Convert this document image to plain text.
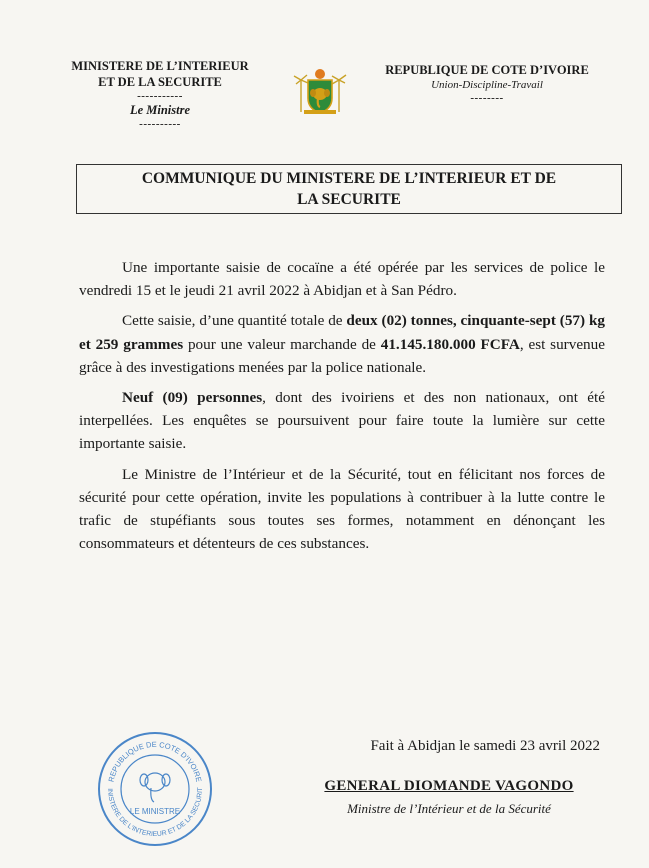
MINISTERE DE L’INTERIEUR
ET DE LA SECURITE
-----------
Le Ministre
----------
REPUBLIQUE DE COTE D’IVOIRE
Union-Discipline-Travail
--------
COMMUNIQUE DU MINISTERE DE L’INTERIEUR ET DE
LA SECURITE

Une importante saisie de cocaïne a été opérée par les services de police le vendredi 15 et le jeudi 21 avril 2022 à Abidjan et à San Pédro.

Cette saisie, d’une quantité totale de deux (02) tonnes, cinquante-sept (57) kg et 259 grammes pour une valeur marchande de 41.145.180.000 FCFA, est survenue grâce à des investigations menées par la police nationale.

Neuf (09) personnes, dont des ivoiriens et des non nationaux, ont été interpellées. Les enquêtes se poursuivent pour faire toute la lumière sur cette importante saisie.

Le Ministre de l’Intérieur et de la Sécurité, tout en félicitant nos forces de sécurité pour cette opération, invite les populations à contribuer à la lutte contre le trafic de stupéfiants sous toutes ses formes, notamment en dénonçant les consommateurs et détenteurs de ces substances.

REPUBLIQUE DE COTE D'IVOIRE
INISTERE DE L'INTERIEUR ET DE LA SECURIT
LE MINISTRE
Fait à Abidjan le samedi 23 avril 2022
GENERAL DIOMANDE VAGONDO
Ministre de l’Intérieur et de la Sécurité
